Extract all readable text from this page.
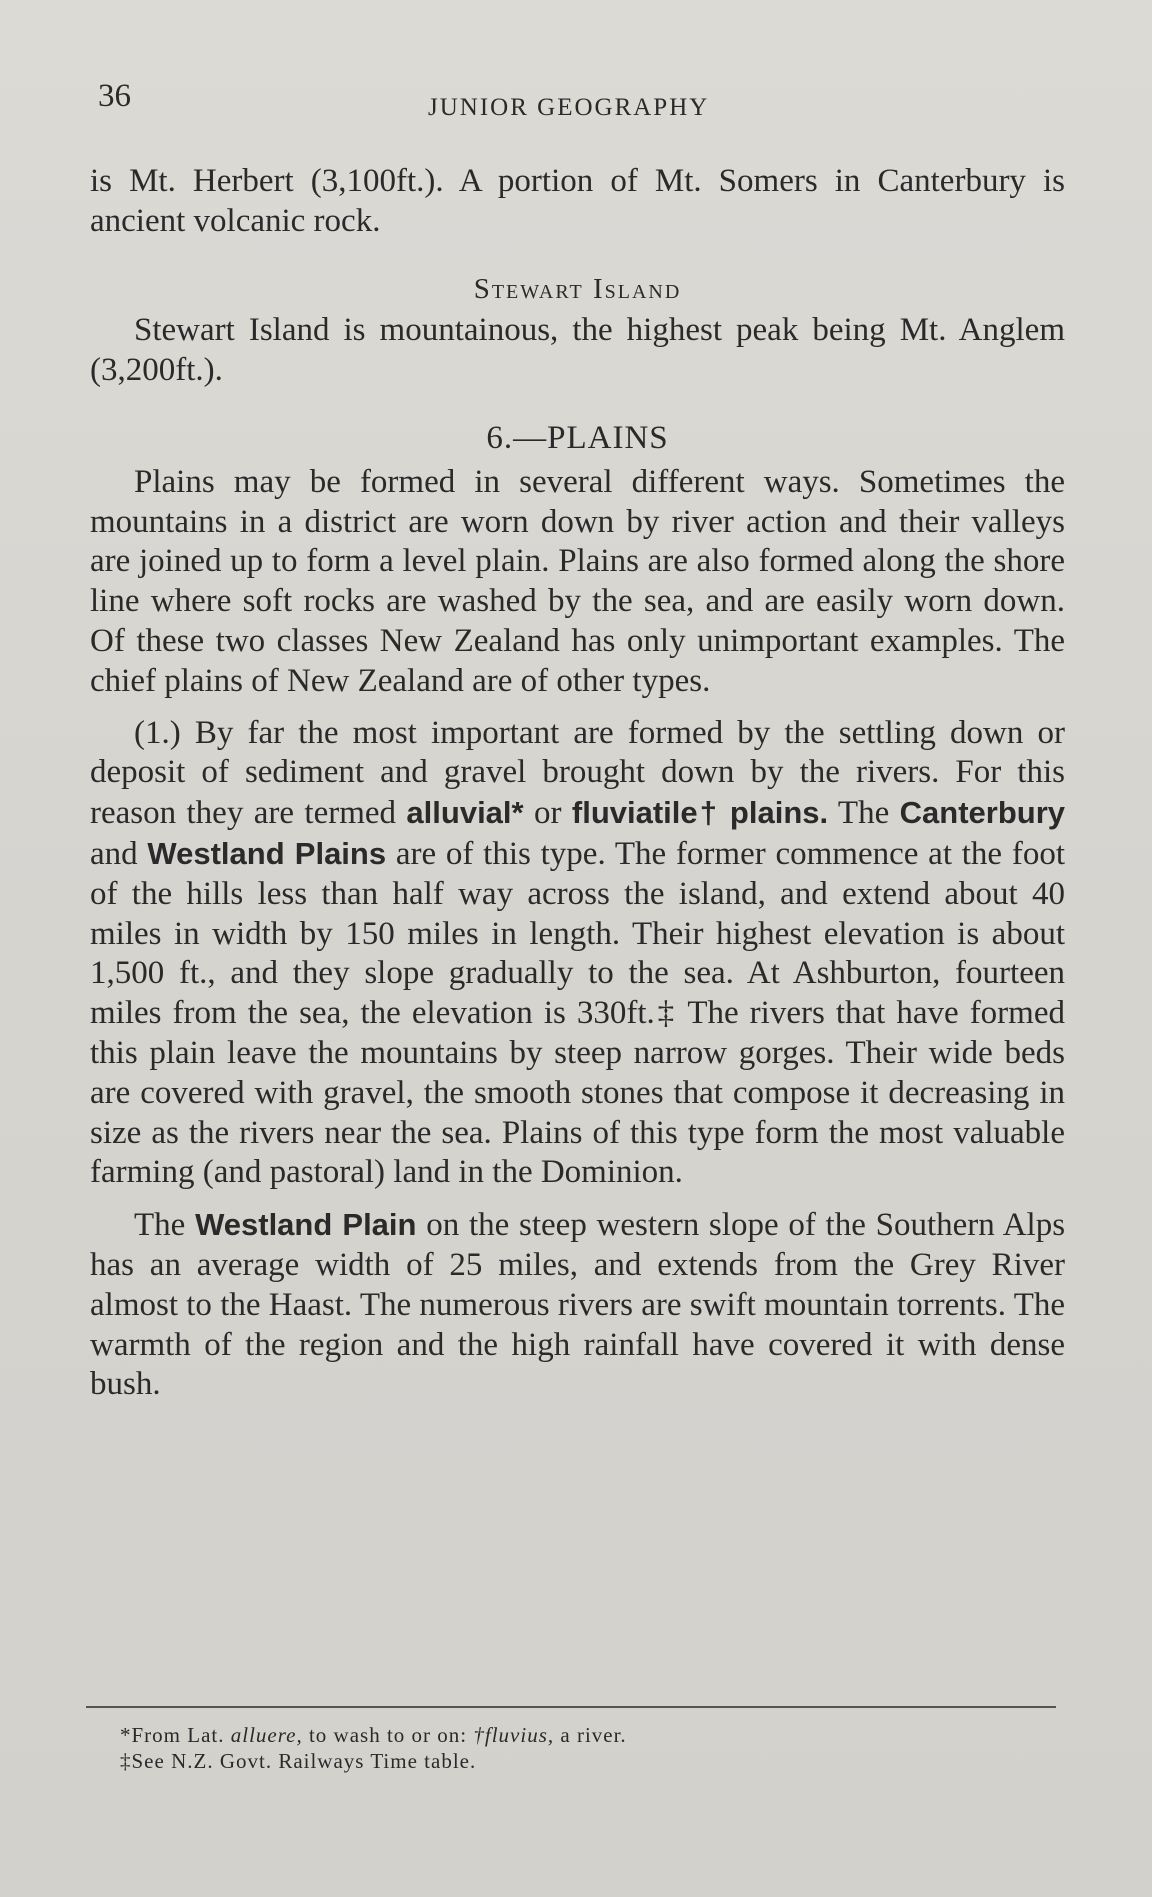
36	JUNIOR GEOGRAPHY

is Mt. Herbert (3,100ft.). A portion of Mt. Somers in Canterbury is ancient volcanic rock.

Stewart Island

Stewart Island is mountainous, the highest peak being Mt. Anglem (3,200ft.).

6.—PLAINS

Plains may be formed in several different ways. Sometimes the mountains in a district are worn down by river action and their valleys are joined up to form a level plain. Plains are also formed along the shore line where soft rocks are washed by the sea, and are easily worn down. Of these two classes New Zealand has only unimportant examples. The chief plains of New Zealand are of other types.

(1.) By far the most important are formed by the settling down or deposit of sediment and gravel brought down by the rivers. For this reason they are termed alluvial* or fluviatile† plains. The Canterbury and Westland Plains are of this type. The former commence at the foot of the hills less than half way across the island, and extend about 40 miles in width by 150 miles in length. Their highest elevation is about 1,500 ft., and they slope gradually to the sea. At Ashburton, fourteen miles from the sea, the elevation is 330ft.‡ The rivers that have formed this plain leave the mountains by steep narrow gorges. Their wide beds are covered with gravel, the smooth stones that compose it decreasing in size as the rivers near the sea. Plains of this type form the most valuable farming (and pastoral) land in the Dominion.

The Westland Plain on the steep western slope of the Southern Alps has an average width of 25 miles, and extends from the Grey River almost to the Haast. The numerous rivers are swift mountain torrents. The warmth of the region and the high rainfall have covered it with dense bush.

*From Lat. alluere, to wash to or on: †fluvius, a river.

‡See N.Z. Govt. Railways Time table.
